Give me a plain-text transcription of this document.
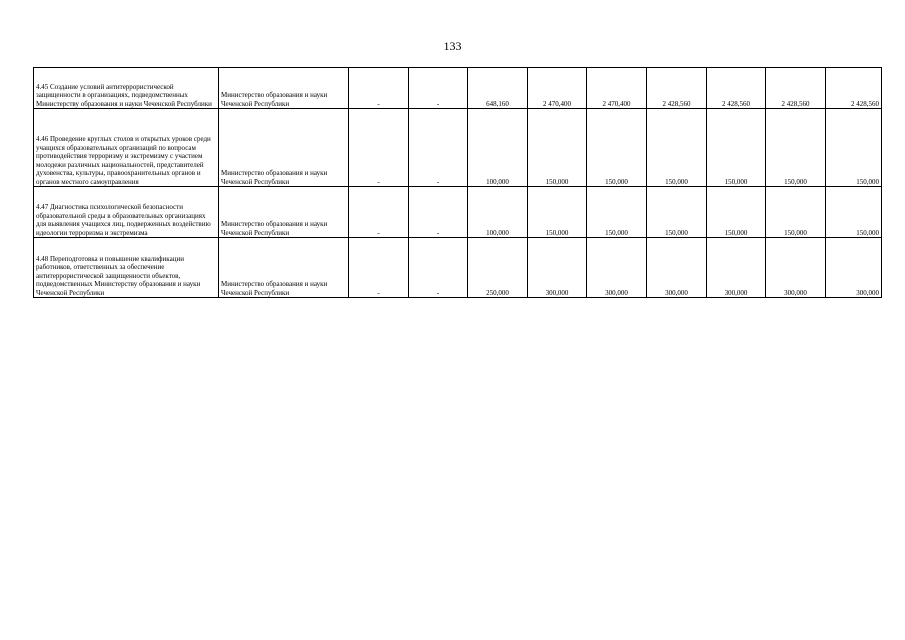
133
4.45 Создание условий антитеррористической защищенности в организациях, подведомственных Министерству образования и науки Чеченской Республики	Министерство образования и науки Чеченской Республики	-	-	648,160	2 470,400	2 470,400	2 428,560	2 428,560	2 428,560	2 428,560
4.46 Проведение круглых столов и открытых уроков среди учащихся образовательных организаций по вопросам противодействия терроризму и экстремизму с участием молодежи различных национальностей, представителей духовенства, культуры, правоохранительных органов и органов местного самоуправления	Министерство образования и науки Чеченской Республики	-	-	100,000	150,000	150,000	150,000	150,000	150,000	150,000
4.47 Диагностика психологической безопасности образовательной среды в образовательных организациях для выявления учащихся лиц, подверженных воздействию идеологии терроризма и экстремизма	Министерство образования и науки Чеченской Республики	-	-	100,000	150,000	150,000	150,000	150,000	150,000	150,000
4.48 Переподготовка и повышение квалификации работников, ответственных за обеспечение антитеррористической защищенности объектов, подведомственных Министерству образования и науки Чеченской Республики	Министерство образования и науки Чеченской Республики	-	-	250,000	300,000	300,000	300,000	300,000	300,000	300,000
